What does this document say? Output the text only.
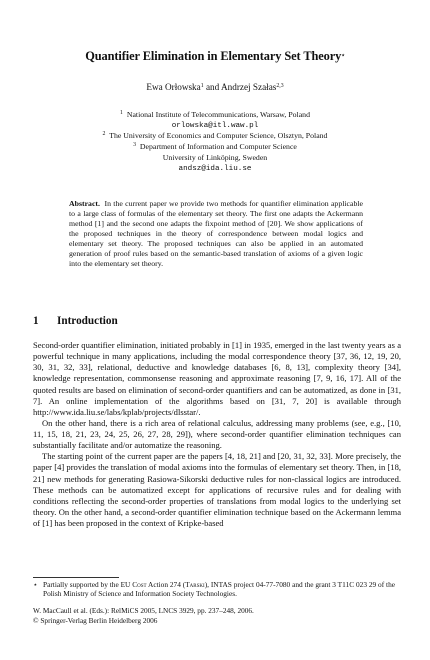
Quantifier Elimination in Elementary Set Theory⋆
Ewa Orłowska$^1$ and Andrzej Szałas$^{2,3}$
$^1$ National Institute of Telecommunications, Warsaw, Poland
orlowska@itl.waw.pl
$^2$ The University of Economics and Computer Science, Olsztyn, Poland
$^3$ Department of Information and Computer Science
University of Linköping, Sweden
andsz@ida.liu.se
Abstract. In the current paper we provide two methods for quantifier elimination applicable to a large class of formulas of the elementary set theory. The first one adapts the Ackermann method [1] and the second one adapts the fixpoint method of [20]. We show applications of the proposed techniques in the theory of correspondence between modal logics and elementary set theory. The proposed techniques can also be applied in an automated generation of proof rules based on the semantic-based translation of axioms of a given logic into the elementary set theory.
1 Introduction

Second-order quantifier elimination, initiated probably in [1] in 1935, emerged in the last twenty years as a powerful technique in many applications, including the modal correspondence theory [37, 36, 12, 19, 20, 30, 31, 32, 33], relational, deductive and knowledge databases [6, 8, 13], complexity theory [34], knowledge representation, commonsense reasoning and approximate reasoning [7, 9, 16, 17]. All of the quoted results are based on elimination of second-order quantifiers and can be automatized, as done in [31, 7]. An online implementation of the algorithms based on [31, 7, 20] is available through http://www.ida.liu.se/labs/kplab/projects/dlsstar/.

On the other hand, there is a rich area of relational calculus, addressing many problems (see, e.g., [10, 11, 15, 18, 21, 23, 24, 25, 26, 27, 28, 29]), where second-order quantifier elimination techniques can substantially facilitate and/or automatize the reasoning.

The starting point of the current paper are the papers [4, 18, 21] and [20, 31, 32, 33]. More precisely, the paper [4] provides the translation of modal axioms into the formulas of elementary set theory. Then, in [18, 21] new methods for generating Rasiowa-Sikorski deductive rules for non-classical logics are introduced. These methods can be automatized except for applications of recursive rules and for dealing with conditions reflecting the second-order properties of translations from modal logics to the underlying set theory. On the other hand, a second-order quantifier elimination technique based on the Ackermann lemma of [1] has been proposed in the context of Kripke-based

⋆ Partially supported by the EU Cost Action 274 (Tarski), INTAS project 04-77-7080 and the grant 3 T11C 023 29 of the Polish Ministry of Science and Information Society Technologies.
W. MacCaull et al. (Eds.): RelMiCS 2005, LNCS 3929, pp. 237–248, 2006.
© Springer-Verlag Berlin Heidelberg 2006
